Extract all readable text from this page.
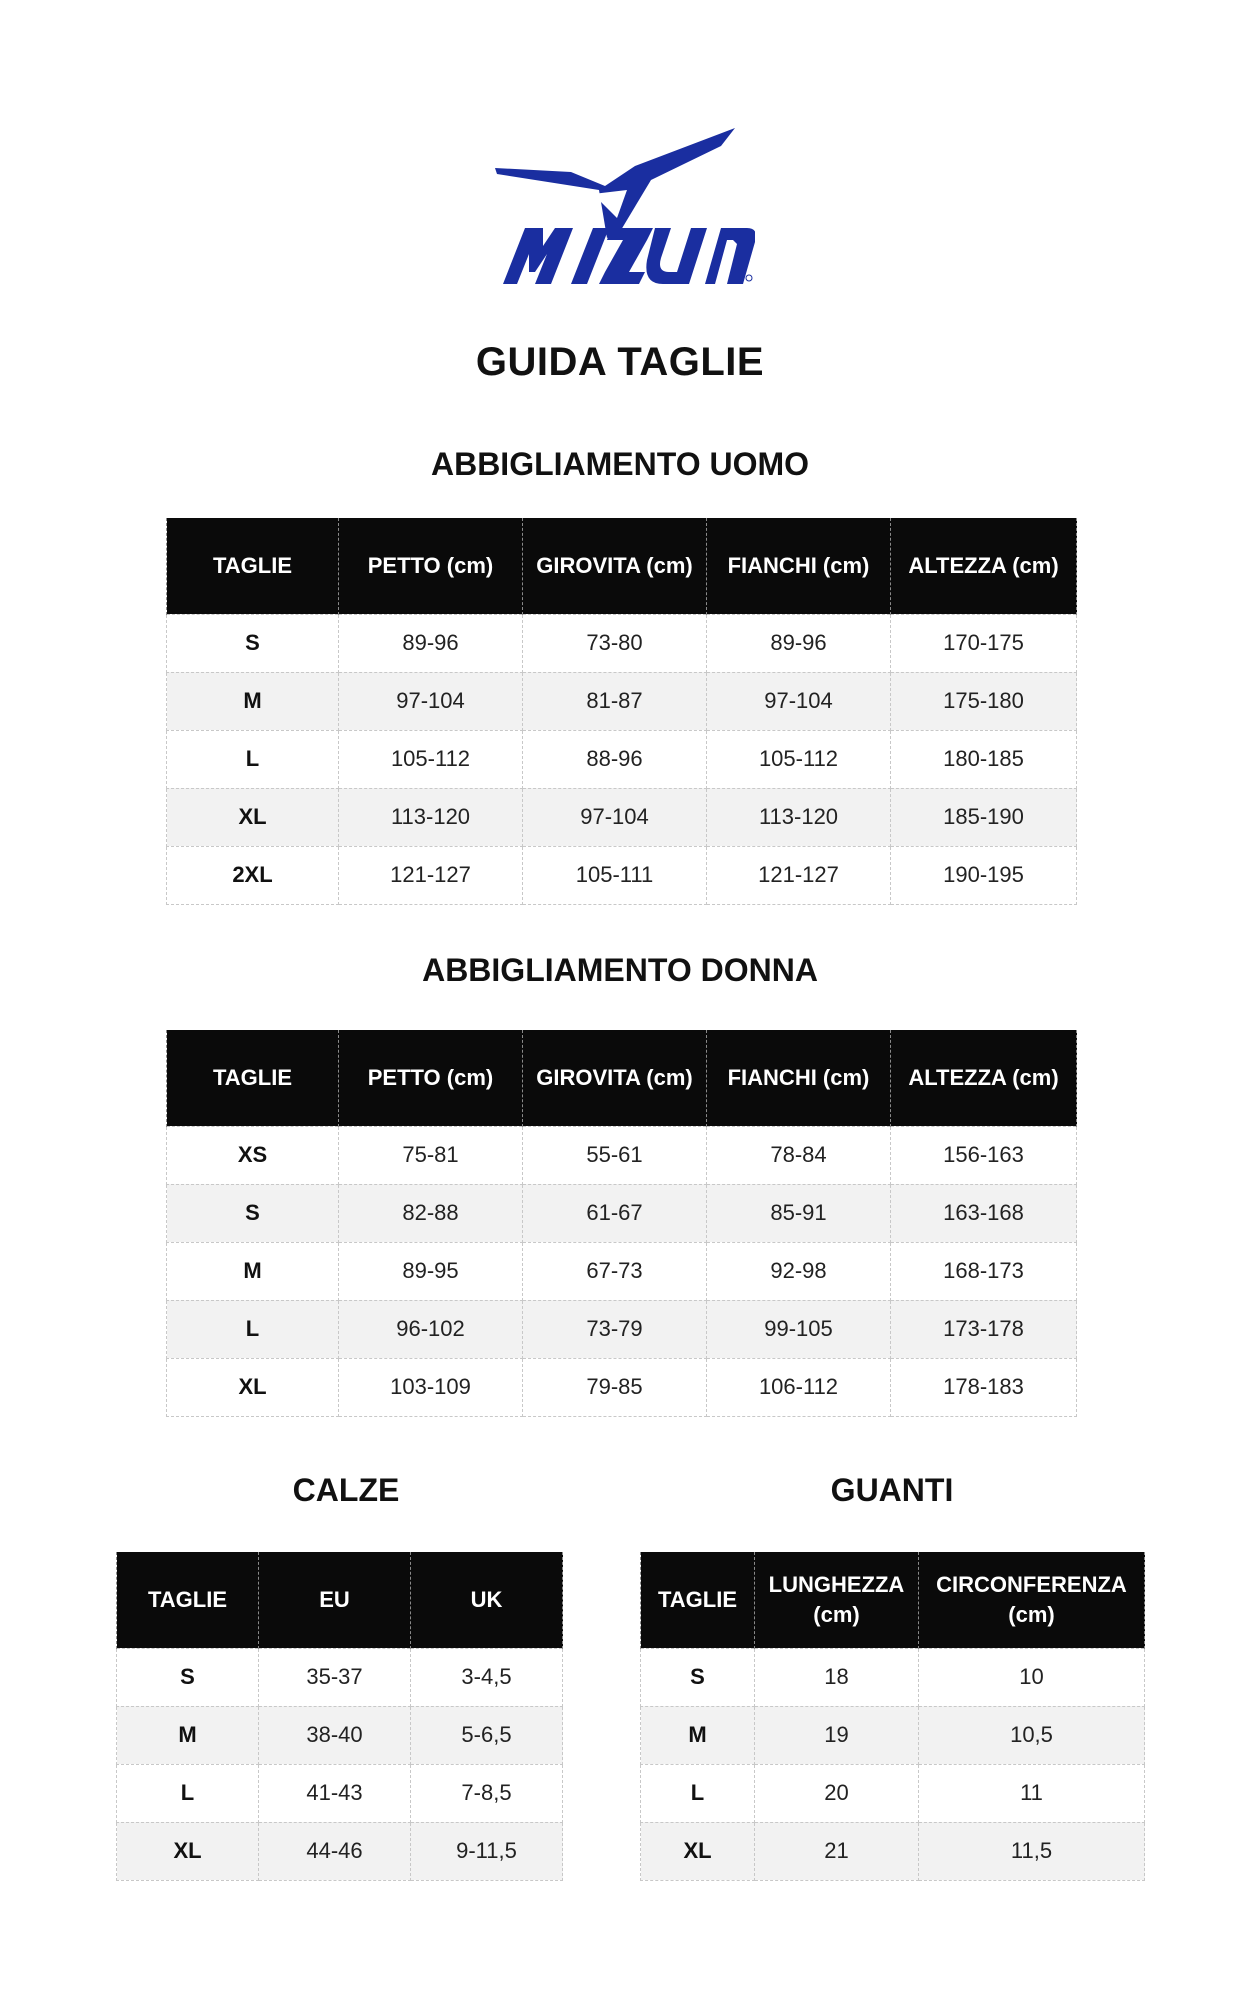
GUIDA TAGLIE
ABBIGLIAMENTO UOMO
TAGLIE	PETTO (cm)	GIROVITA (cm)	FIANCHI (cm)	ALTEZZA (cm)
S	89-96	73-80	89-96	170-175
M	97-104	81-87	97-104	175-180
L	105-112	88-96	105-112	180-185
XL	113-120	97-104	113-120	185-190
2XL	121-127	105-111	121-127	190-195
ABBIGLIAMENTO DONNA
TAGLIE	PETTO (cm)	GIROVITA (cm)	FIANCHI (cm)	ALTEZZA (cm)
XS	75-81	55-61	78-84	156-163
S	82-88	61-67	85-91	163-168
M	89-95	67-73	92-98	168-173
L	96-102	73-79	99-105	173-178
XL	103-109	79-85	106-112	178-183
CALZE
TAGLIE	EU	UK
S	35-37	3-4,5
M	38-40	5-6,5
L	41-43	7-8,5
XL	44-46	9-11,5
GUANTI
TAGLIE	LUNGHEZZA (cm)	CIRCONFERENZA (cm)
S	18	10
M	19	10,5
L	20	11
XL	21	11,5
